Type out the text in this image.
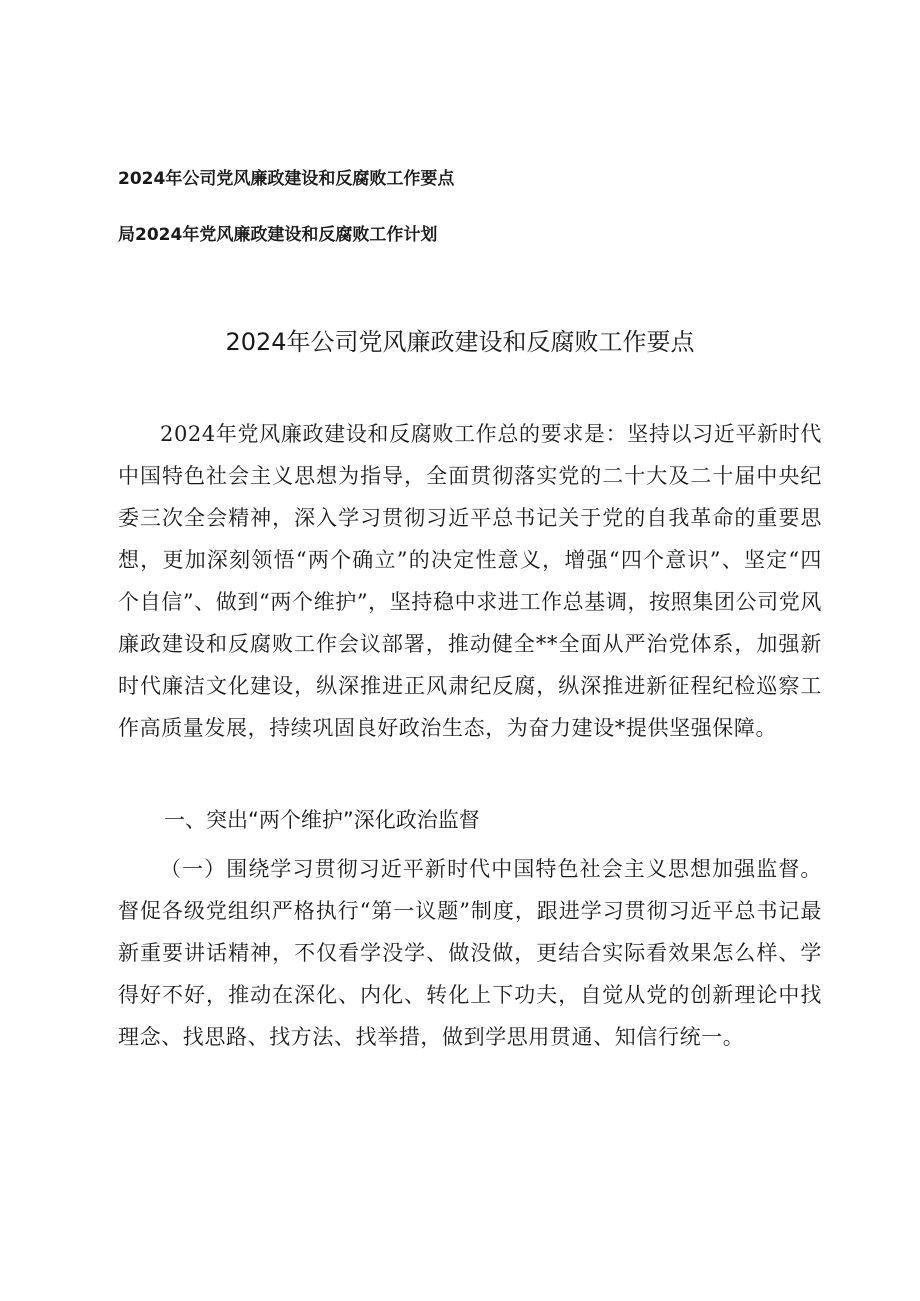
2024年公司党风廉政建设和反腐败工作要点
局2024年党风廉政建设和反腐败工作计划
2024年公司党风廉政建设和反腐败工作要点
2024年党风廉政建设和反腐败工作总的要求是：坚持以习近平新时代中国特色社会主义思想为指导，全面贯彻落实党的二十大及二十届中央纪委三次全会精神，深入学习贯彻习近平总书记关于党的自我革命的重要思想，更加深刻领悟“两个确立”的决定性意义，增强“四个意识”、坚定“四个自信”、做到“两个维护”，坚持稳中求进工作总基调，按照集团公司党风廉政建设和反腐败工作会议部署，推动健全**全面从严治党体系，加强新时代廉洁文化建设，纵深推进正风肃纪反腐，纵深推进新征程纪检巡察工作高质量发展，持续巩固良好政治生态，为奋力建设*提供坚强保障。
一、突出“两个维护”深化政治监督
（一）围绕学习贯彻习近平新时代中国特色社会主义思想加强监督。督促各级党组织严格执行“第一议题”制度，跟进学习贯彻习近平总书记最新重要讲话精神，不仅看学没学、做没做，更结合实际看效果怎么样、学得好不好，推动在深化、内化、转化上下功夫，自觉从党的创新理论中找理念、找思路、找方法、找举措，做到学思用贯通、知信行统一。
